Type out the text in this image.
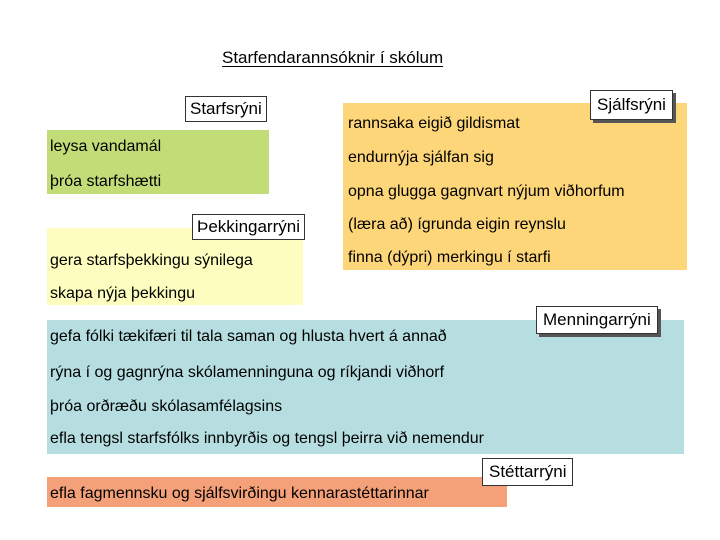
Starfendarannsóknir í skólum
Starfsrýni
leysa vandamál
þróa starfshætti
Sjálfsrýni
rannsaka eigið gildismat
endurnýja sjálfan sig
opna glugga gagnvart nýjum viðhorfum
(læra að) ígrunda eigin reynslu
finna (dýpri) merkingu í starfi
Þekkingarrýni
gera starfsþekkingu sýnilega
skapa nýja þekkingu
Menningarrýni
gefa fólki tækifæri til tala saman og hlusta hvert á annað
rýna í og gagnrýna skólamenninguna og ríkjandi viðhorf
þróa orðræðu skólasamfélagsins
efla tengsl starfsfólks innbyrðis og tengsl þeirra við nemendur
Stéttarrýni
efla fagmennsku og sjálfsvirðingu kennarastéttarinnar
